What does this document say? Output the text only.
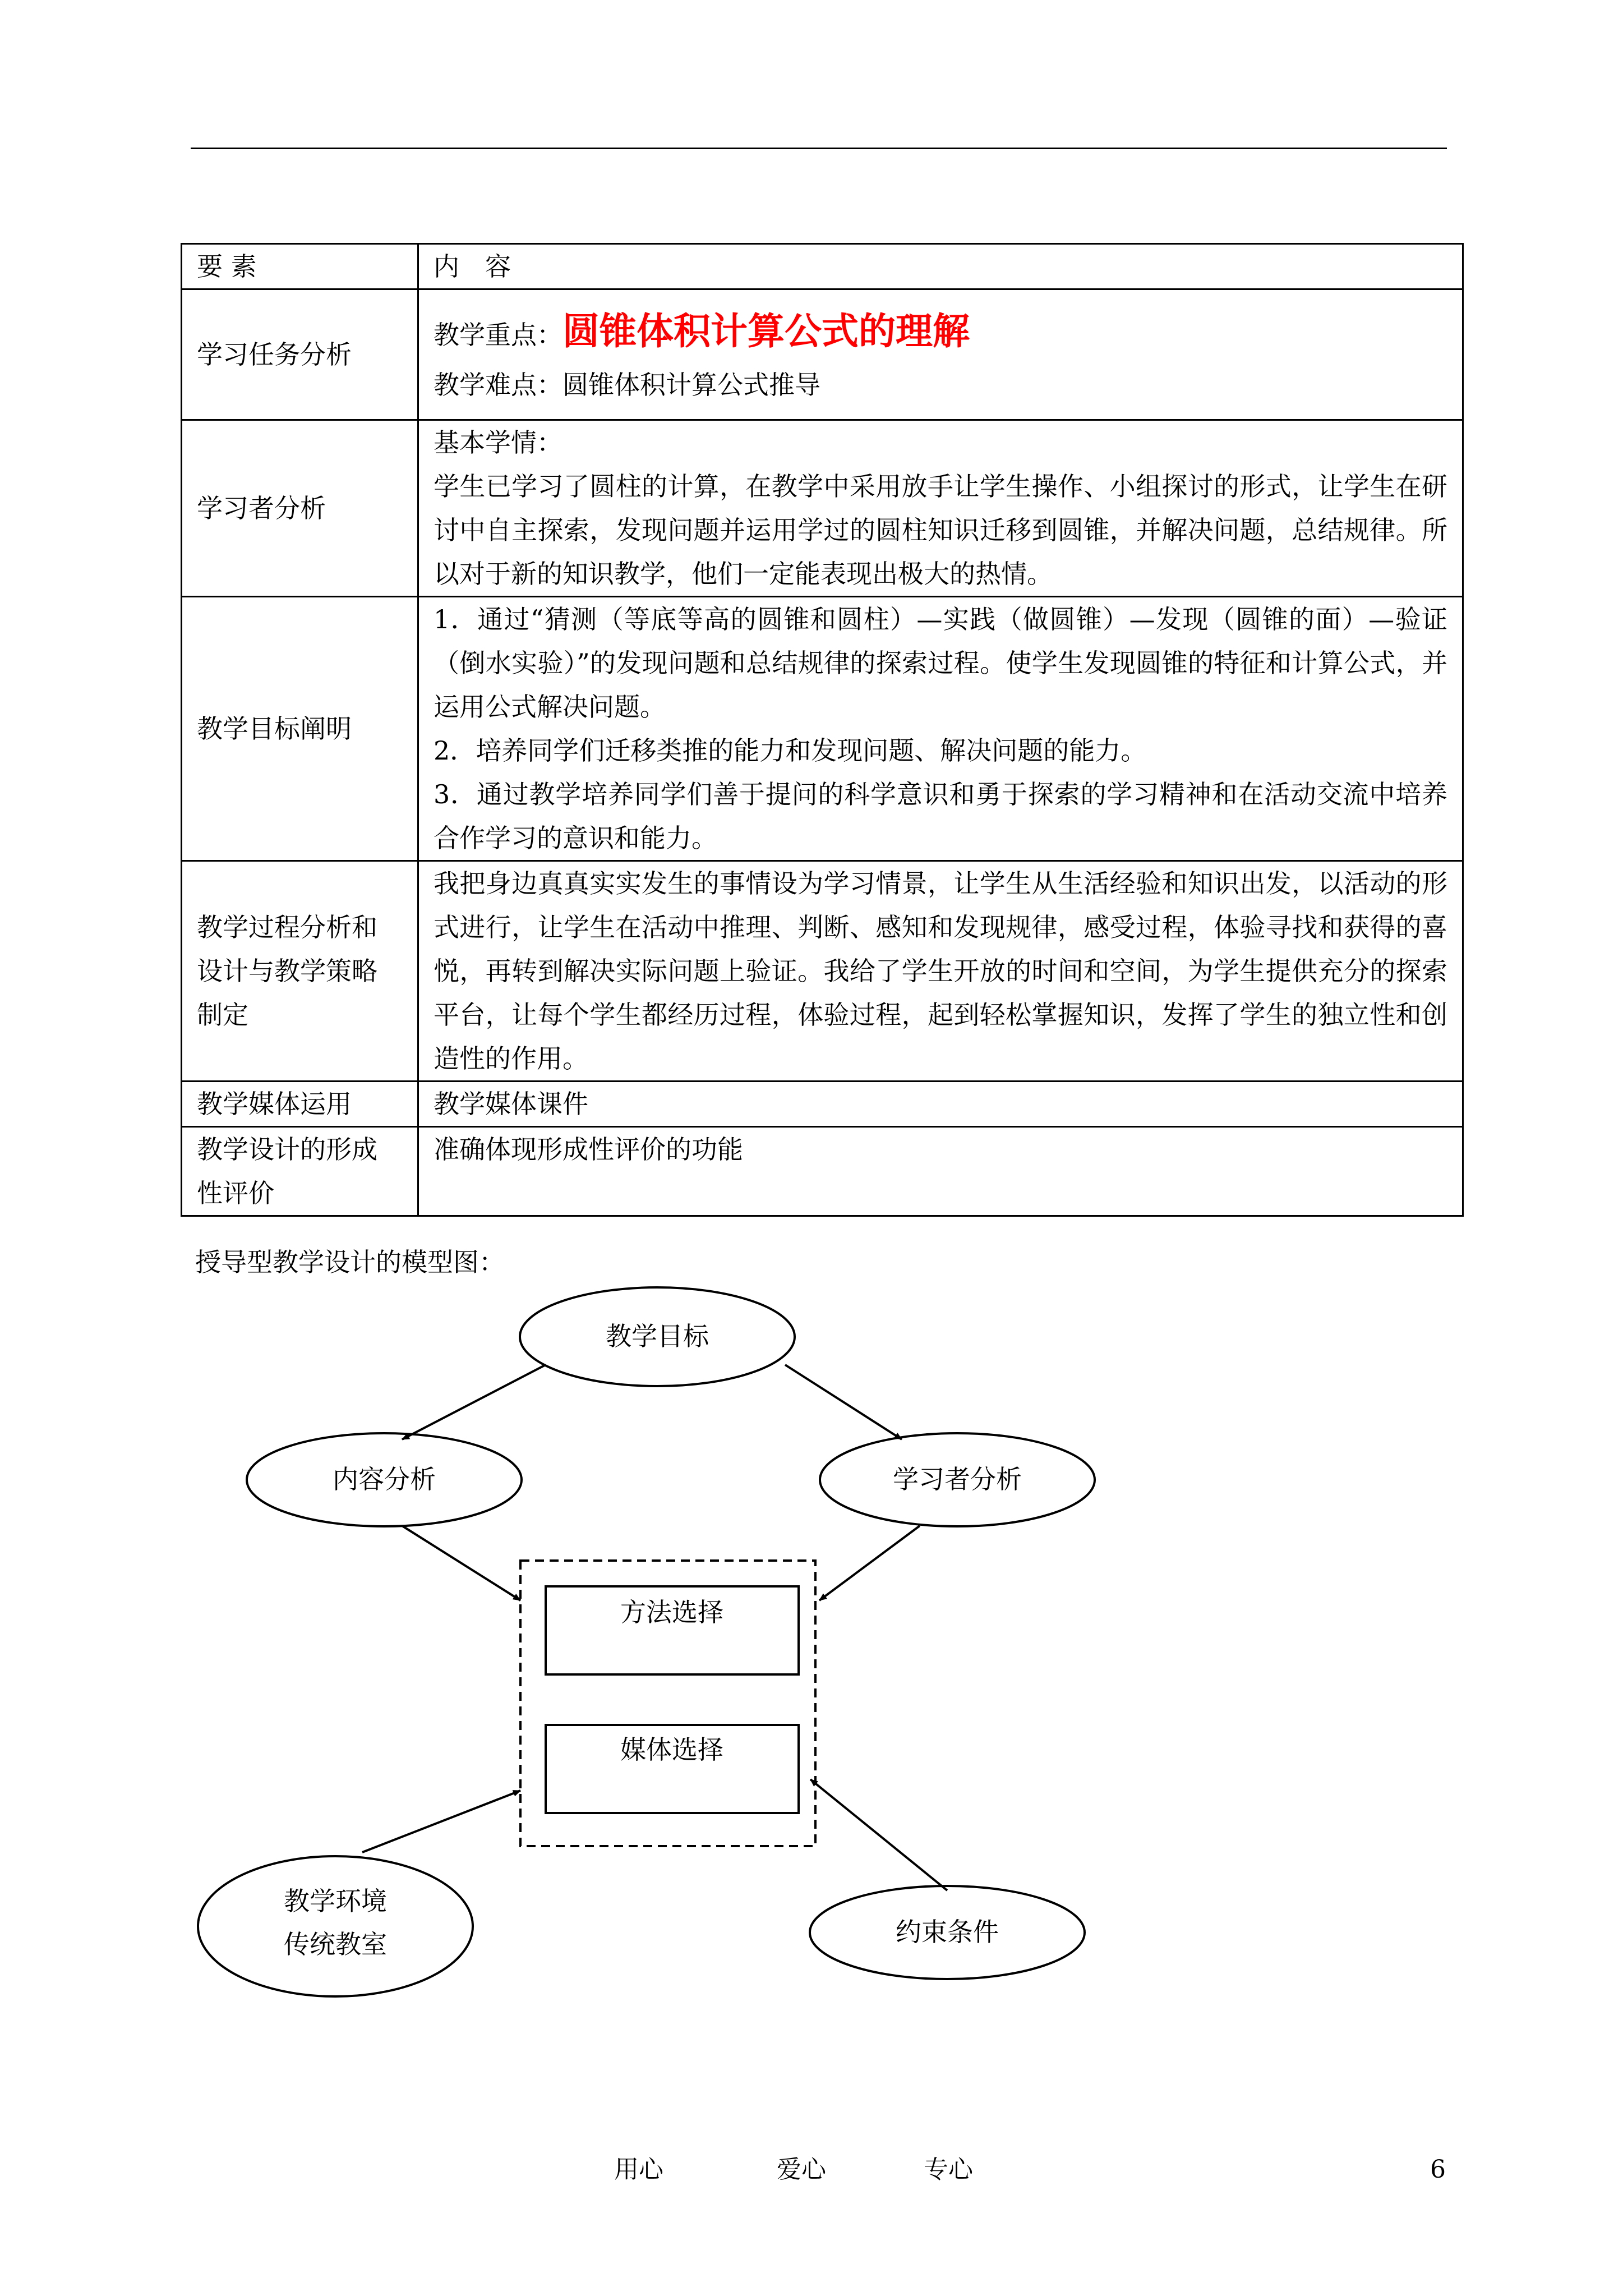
要 素	内　容
学习任务分析	教学重点：圆锥体积计算公式的理解
教学难点：圆锥体积计算公式推导

学习者分析	基本学情：
学生已学习了圆柱的计算，在教学中采用放手让学生操作、小组探讨的形式，让学生在研讨中自主探索，发现问题并运用学过的圆柱知识迁移到圆锥，并解决问题，总结规律。所以对于新的知识教学，他们一定能表现出极大的热情。

教学目标阐明	1．通过“猜测（等底等高的圆锥和圆柱）—实践（做圆锥）—发现（圆锥的面）—验证（倒水实验）”的发现问题和总结规律的探索过程。使学生发现圆锥的特征和计算公式，并运用公式解决问题。
2．培养同学们迁移类推的能力和发现问题、解决问题的能力。
3．通过教学培养同学们善于提问的科学意识和勇于探索的学习精神和在活动交流中培养合作学习的意识和能力。

教学过程分析和设计与教学策略制定	我把身边真真实实发生的事情设为学习情景，让学生从生活经验和知识出发，以活动的形式进行，让学生在活动中推理、判断、感知和发现规律，感受过程，体验寻找和获得的喜悦，再转到解决实际问题上验证。我给了学生开放的时间和空间，为学生提供充分的探索平台，让每个学生都经历过程，体验过程，起到轻松掌握知识，发挥了学生的独立性和创造性的作用。
教学媒体运用	教学媒体课件
教学设计的形成性评价	准确体现形成性评价的功能
授导型教学设计的模型图：
教学目标
内容分析	学习者分析
方法选择
媒体选择
教学环境
传统教室	约束条件
用心	爱心	专心	6
